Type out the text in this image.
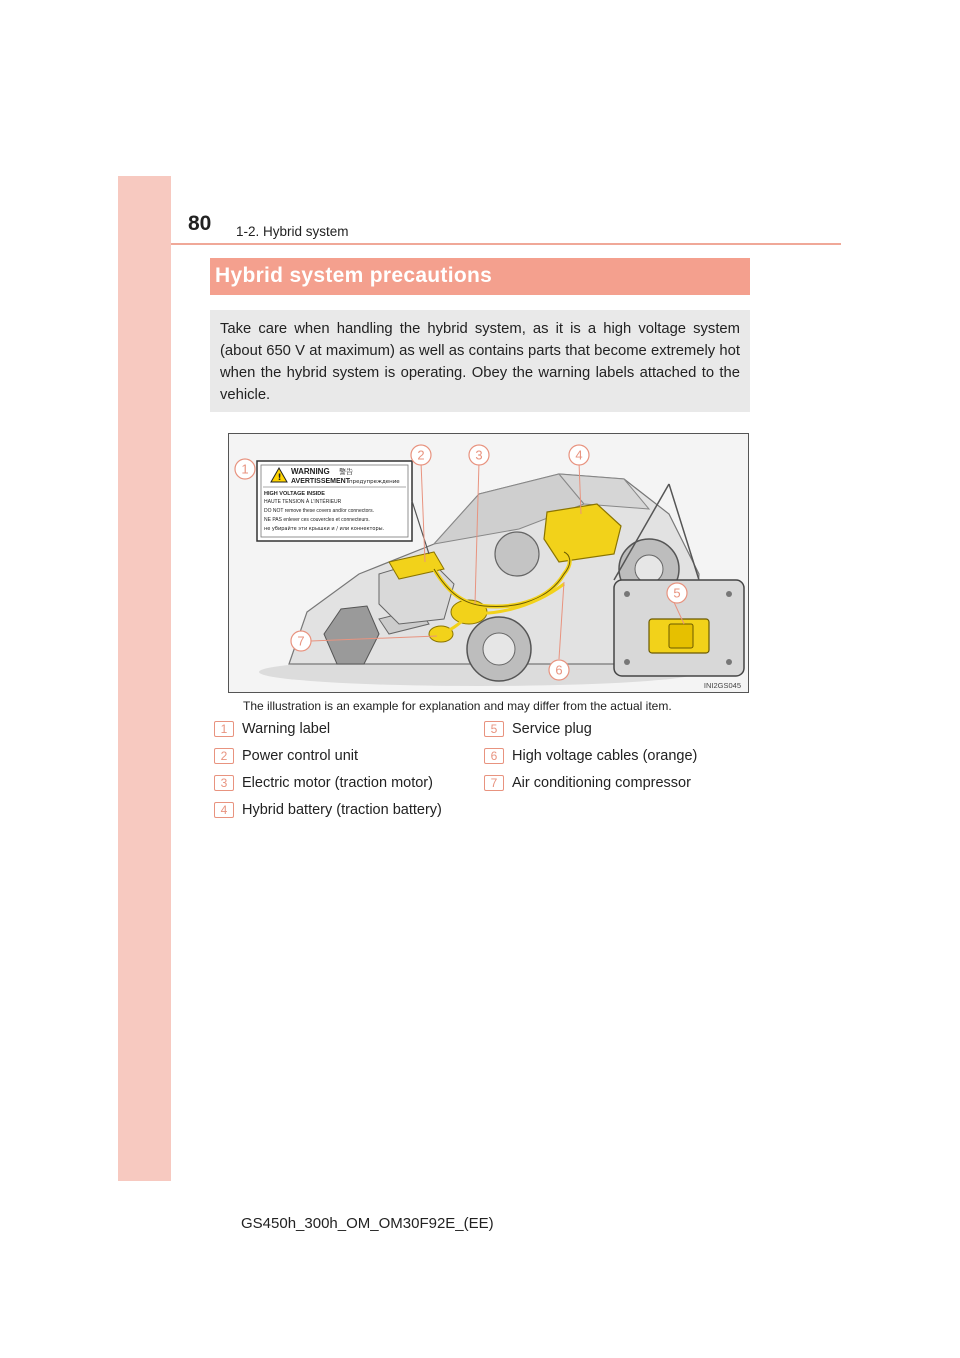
80 1-2. Hybrid system
Hybrid system precautions
Take care when handling the hybrid system, as it is a high voltage system (about 650 V at maximum) as well as contains parts that become extremely hot when the hybrid system is operating. Obey the warning labels attached to the vehicle.
!
WARNING 警告
AVERTISSEMENT предупреждение
HIGH VOLTAGE INSIDE
HAUTE TENSION À L'INTÉRIEUR
DO NOT remove these covers and/or connectors.
NE PAS enlever ces couvercles et connecteurs.
не убирайте эти крышки и / или коннекторы.
1
2	3	4
5
6
7
INI2GS045
The illustration is an example for explanation and may differ from the actual item.
1	Warning label
2	Power control unit
3	Electric motor (traction motor)
4	Hybrid battery (traction battery)
5	Service plug
6	High voltage cables (orange)
7	Air conditioning compressor
GS450h_300h_OM_OM30F92E_(EE)
